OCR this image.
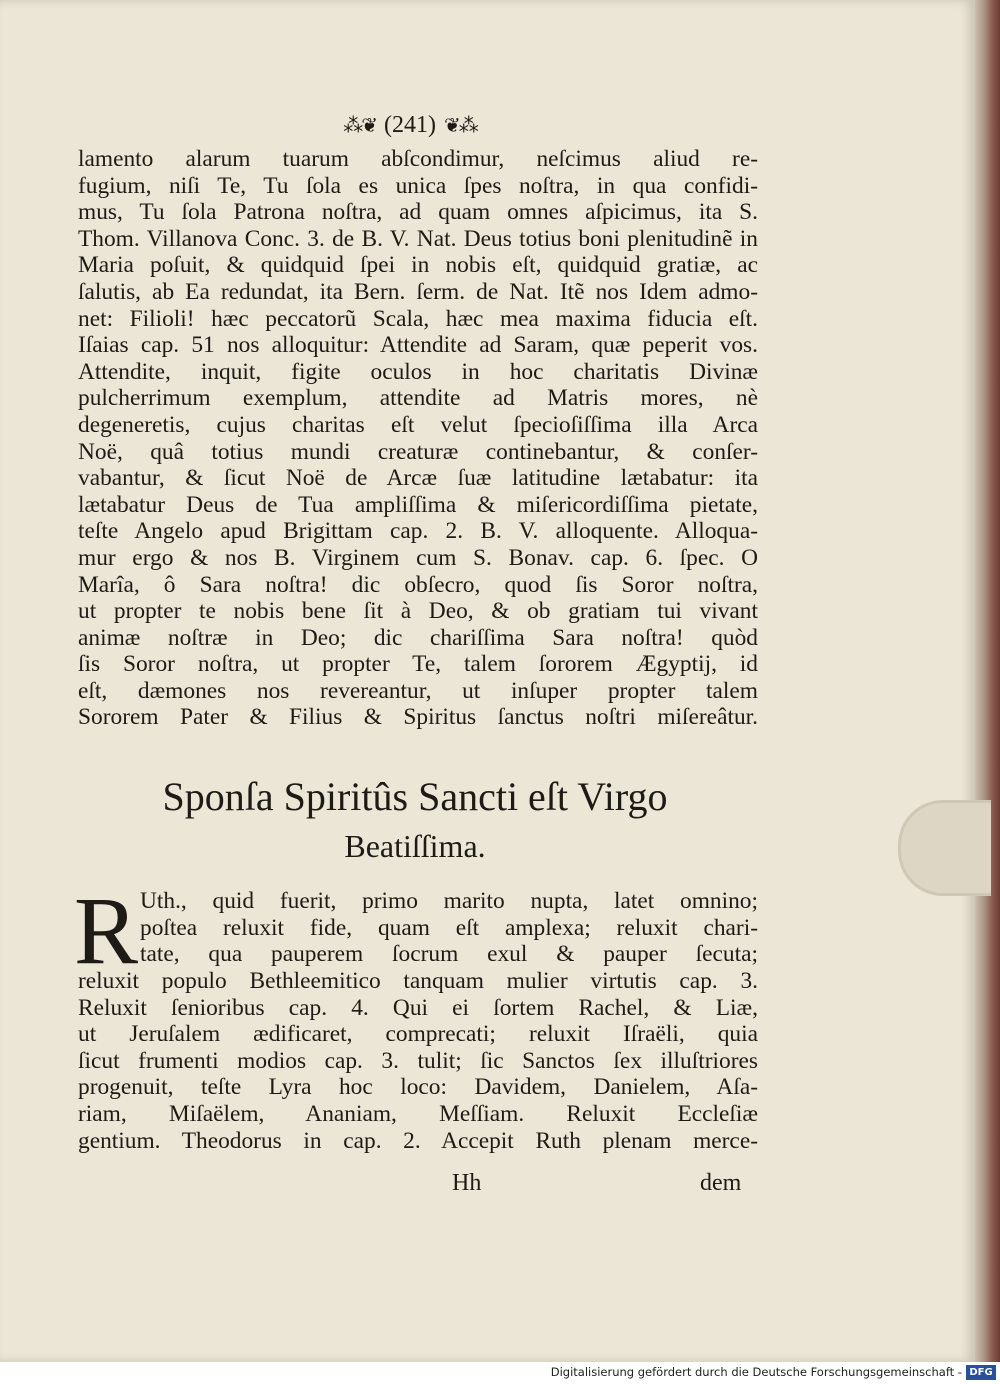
⁂❦ (241) ❦⁂
lamento alarum tuarum abſcondimur, neſcimus aliud re-
fugium, niſi Te, Tu ſola es unica ſpes noſtra, in qua confidi-
mus, Tu ſola Patrona noſtra, ad quam omnes aſpicimus, ita S.
Thom. Villanova Conc. 3. de B. V. Nat. Deus totius boni plenitudinẽ in
Maria poſuit, & quidquid ſpei in nobis eſt, quidquid gratiæ, ac
ſalutis, ab Ea redundat, ita Bern. ſerm. de Nat. Itẽ nos Idem admo-
net: Filioli! hæc peccatorũ Scala, hæc mea maxima fiducia eſt.
Iſaias cap. 51 nos alloquitur: Attendite ad Saram, quæ peperit vos.
Attendite, inquit, figite oculos in hoc charitatis Divinæ
pulcherrimum exemplum, attendite ad Matris mores, nè
degeneretis, cujus charitas eſt velut ſpecioſiſſima illa Arca
Noë, quâ totius mundi creaturæ continebantur, & conſer-
vabantur, & ſicut Noë de Arcæ ſuæ latitudine lætabatur: ita
lætabatur Deus de Tua ampliſſima & miſericordiſſima pietate,
teſte Angelo apud Brigittam cap. 2. B. V. alloquente. Alloqua-
mur ergo & nos B. Virginem cum S. Bonav. cap. 6. ſpec. O
Marîa, ô Sara noſtra! dic obſecro, quod ſis Soror noſtra,
ut propter te nobis bene ſit à Deo, & ob gratiam tui vivant
animæ noſtræ in Deo; dic chariſſima Sara noſtra! quòd
ſis Soror noſtra, ut propter Te, talem ſororem Ægyptij, id
eſt, dæmones nos revereantur, ut inſuper propter talem
Sororem Pater & Filius & Spiritus ſanctus noſtri miſereâtur.
Sponſa Spiritûs Sancti eſt Virgo
Beatiſſima.
R Uth., quid fuerit, primo marito nupta, latet omnino;
poſtea reluxit fide, quam eſt amplexa; reluxit chari-
tate, qua pauperem ſocrum exul & pauper ſecuta;
reluxit populo Bethleemitico tanquam mulier virtutis cap. 3.
Reluxit ſenioribus cap. 4. Qui ei ſortem Rachel, & Liæ,
ut Jeruſalem ædificaret, comprecati; reluxit Iſraëli, quia
ſicut frumenti modios cap. 3. tulit; ſic Sanctos ſex illuſtriores
progenuit, teſte Lyra hoc loco: Davidem, Danielem, Aſa-
riam, Miſaëlem, Ananiam, Meſſiam. Reluxit Eccleſiæ
gentium. Theodorus in cap. 2. Accepit Ruth plenam merce-
Hh	dem
Digitalisierung gefördert durch die Deutsche Forschungsgemeinschaft - DFG
